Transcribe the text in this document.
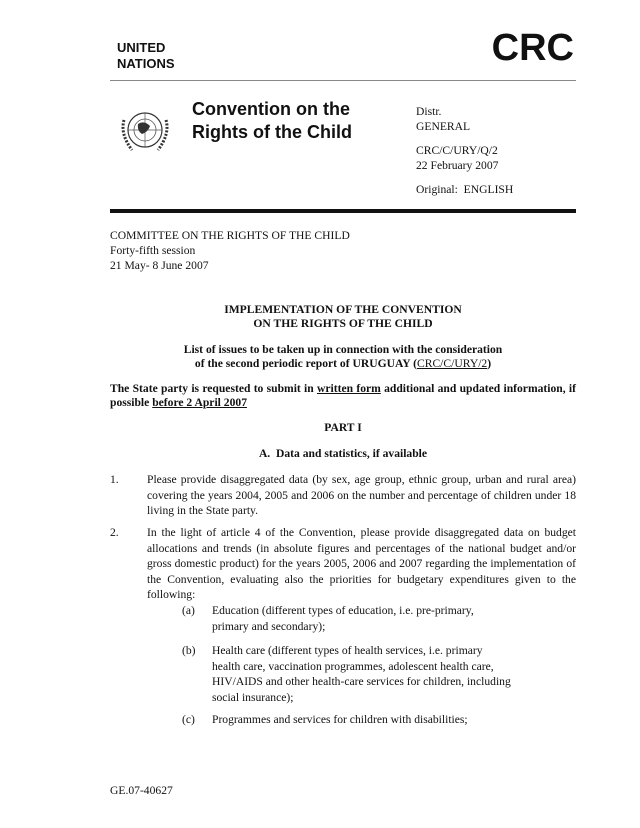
UNITED
NATIONS	CRC
Convention on the
Rights of the Child
Distr.
GENERAL
CRC/C/URY/Q/2
22 February 2007
Original:  ENGLISH
COMMITTEE ON THE RIGHTS OF THE CHILD
Forty-fifth session
21 May- 8 June 2007
IMPLEMENTATION OF THE CONVENTION
ON THE RIGHTS OF THE CHILD
List of issues to be taken up in connection with the consideration
of the second periodic report of URUGUAY (CRC/C/URY/2)
The State party is requested to submit in written form additional and updated information, if possible before 2 April 2007
PART I
A.  Data and statistics, if available
1. Please provide disaggregated data (by sex, age group, ethnic group, urban and rural area) covering the years 2004, 2005 and 2006 on the number and percentage of children under 18 living in the State party.
2. In the light of article 4 of the Convention, please provide disaggregated data on budget allocations and trends (in absolute figures and percentages of the national budget and/or gross domestic product) for the years 2005, 2006 and 2007 regarding the implementation of the Convention, evaluating also the priorities for budgetary expenditures given to the following:
(a) Education (different types of education, i.e. pre-primary, primary and secondary);
(b) Health care (different types of health services, i.e. primary health care, vaccination programmes, adolescent health care, HIV/AIDS and other health-care services for children, including social insurance);
(c) Programmes and services for children with disabilities;
GE.07-40627
